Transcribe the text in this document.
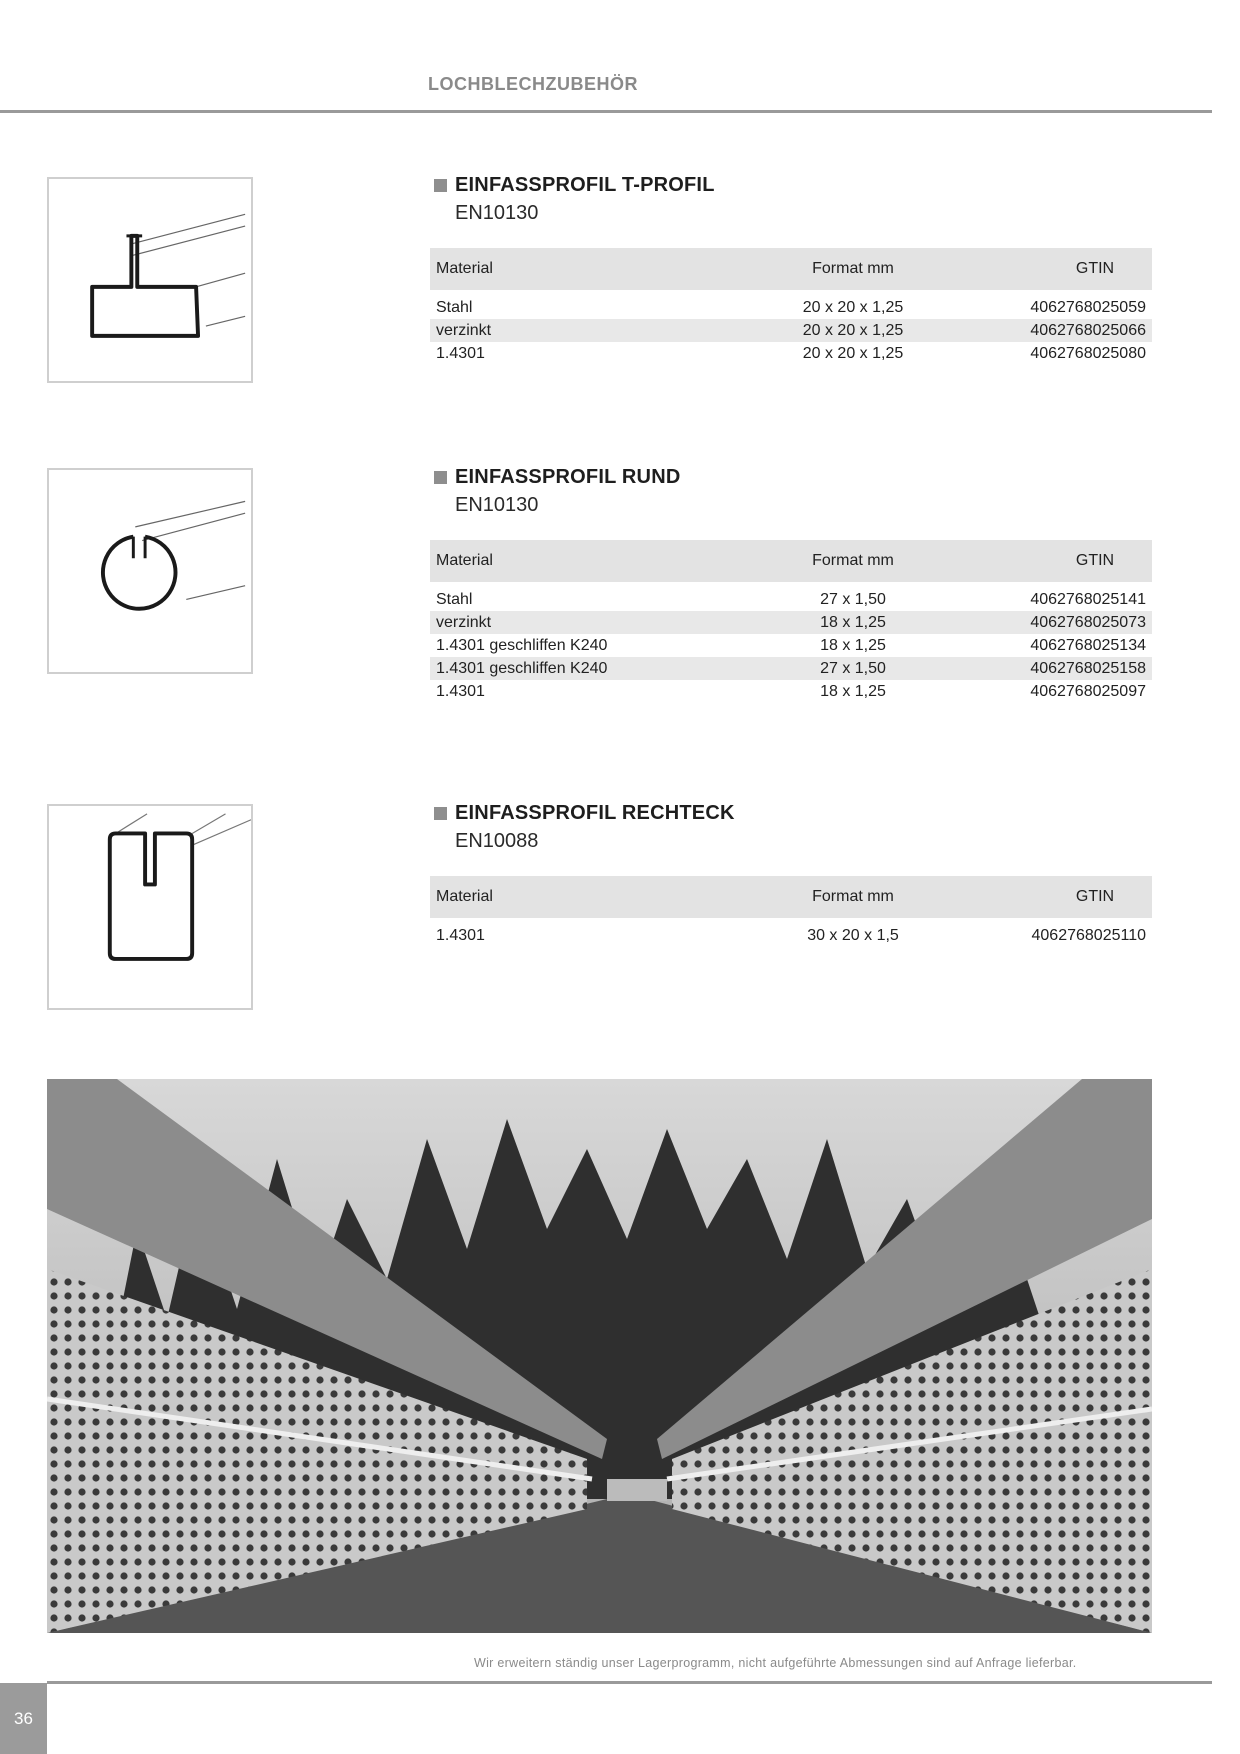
LOCHBLECHZUBEHÖR
EINFASSPROFIL T-PROFIL
EN10130
Material	Format mm	GTIN

Stahl	20 x 20 x 1,25	4062768025059
verzinkt	20 x 20 x 1,25	4062768025066
1.4301	20 x 20 x 1,25	4062768025080
EINFASSPROFIL RUND
EN10130
Material	Format mm	GTIN

Stahl	27 x 1,50	4062768025141
verzinkt	18 x 1,25	4062768025073
1.4301 geschliffen K240	18 x 1,25	4062768025134
1.4301 geschliffen K240	27 x 1,50	4062768025158
1.4301	18 x 1,25	4062768025097
EINFASSPROFIL RECHTECK
EN10088
Material	Format mm	GTIN

1.4301	30 x 20 x 1,5	4062768025110
Wir erweitern ständig unser Lagerprogramm, nicht aufgeführte Abmessungen sind auf Anfrage lieferbar.
36
